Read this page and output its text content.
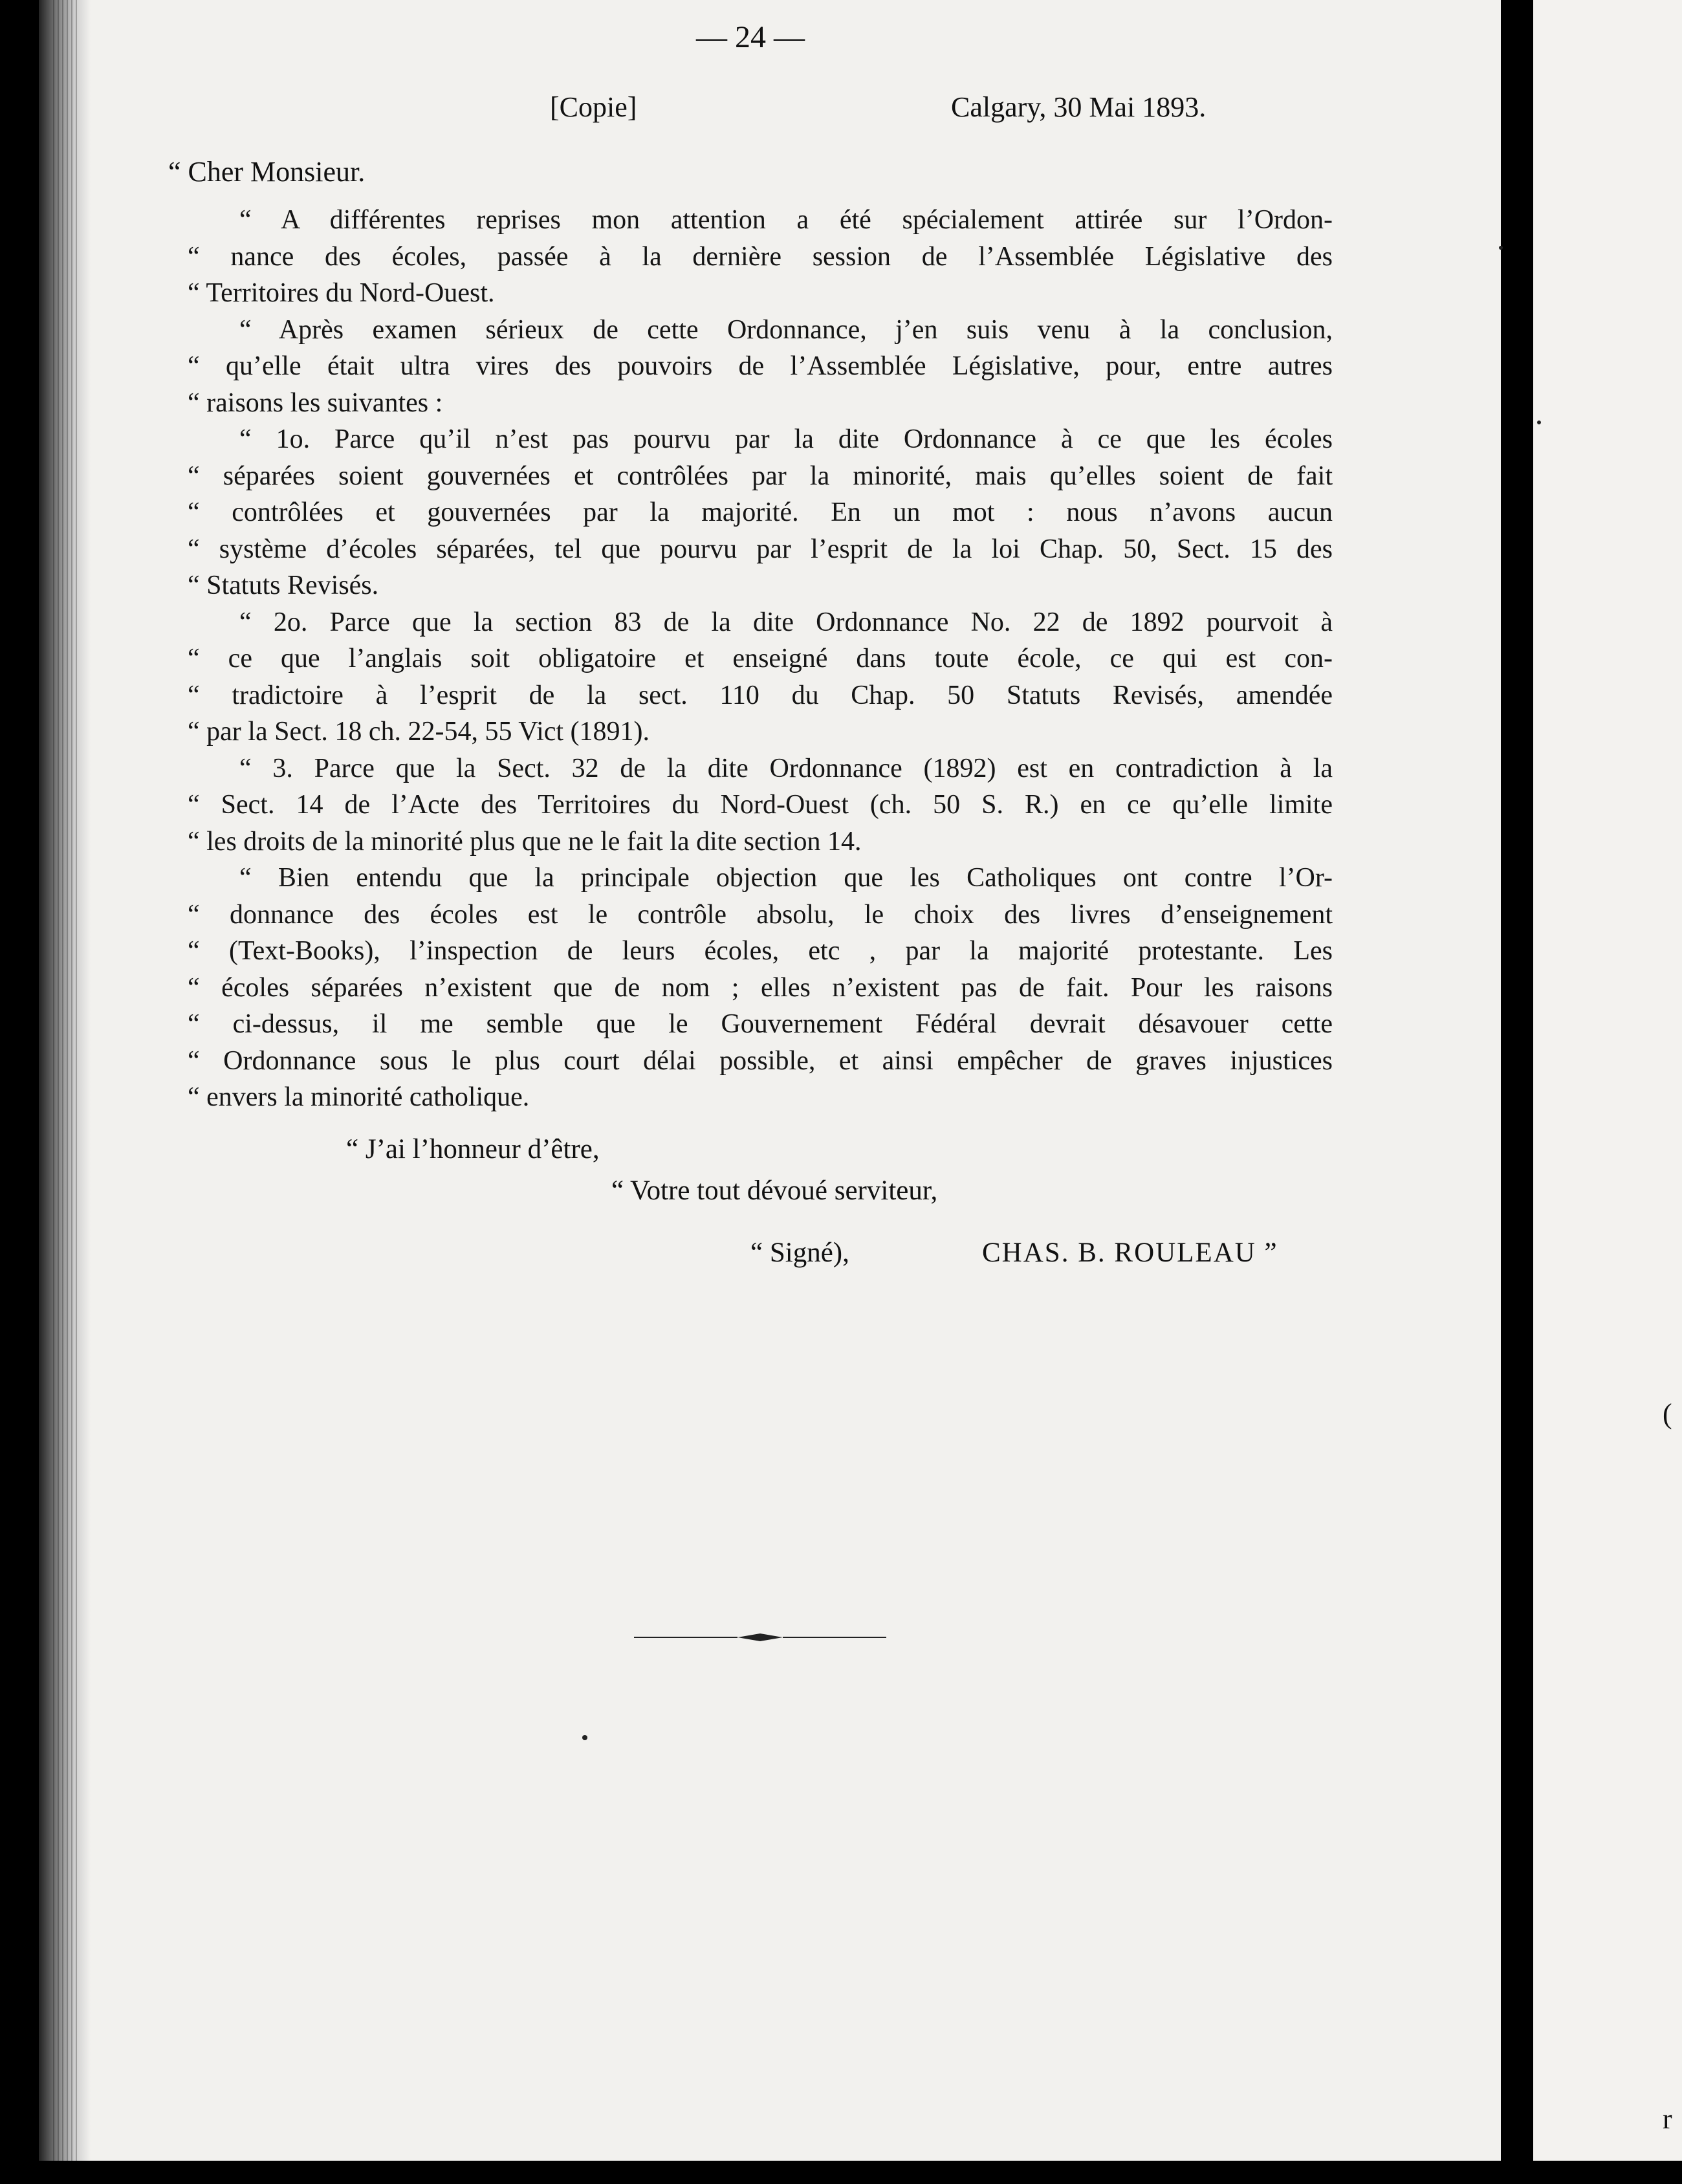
(
r
— 24 —
[Copie]	Calgary, 30 Mai 1893.
“ Cher Monsieur.
“ A différentes reprises mon attention a été spécialement attirée sur l’Ordon-
“ nance des écoles, passée à la dernière session de l’Assemblée Législative des
“ Territoires du Nord-Ouest.
“ Après examen sérieux de cette Ordonnance, j’en suis venu à la conclusion,
“ qu’elle était ultra vires des pouvoirs de l’Assemblée Législative, pour, entre autres
“ raisons les suivantes :
“ 1o. Parce qu’il n’est pas pourvu par la dite Ordonnance à ce que les écoles
“ séparées soient gouvernées et contrôlées par la minorité, mais qu’elles soient de fait
“ contrôlées et gouvernées par la majorité. En un mot : nous n’avons aucun
“ système d’écoles séparées, tel que pourvu par l’esprit de la loi Chap. 50, Sect. 15 des
“ Statuts Revisés.
“ 2o. Parce que la section 83 de la dite Ordonnance No. 22 de 1892 pourvoit à
“ ce que l’anglais soit obligatoire et enseigné dans toute école, ce qui est con-
“ tradictoire à l’esprit de la sect. 110 du Chap. 50 Statuts Revisés, amendée
“ par la Sect. 18 ch. 22-54, 55 Vict (1891).
“ 3. Parce que la Sect. 32 de la dite Ordonnance (1892) est en contradiction à la
“ Sect. 14 de l’Acte des Territoires du Nord-Ouest (ch. 50 S. R.) en ce qu’elle limite
“ les droits de la minorité plus que ne le fait la dite section 14.
“ Bien entendu que la principale objection que les Catholiques ont contre l’Or-
“ donnance des écoles est le contrôle absolu, le choix des livres d’enseignement
“ (Text-Books), l’inspection de leurs écoles, etc , par la majorité protestante. Les
“ écoles séparées n’existent que de nom ; elles n’existent pas de fait. Pour les raisons
“ ci-dessus, il me semble que le Gouvernement Fédéral devrait désavouer cette
“ Ordonnance sous le plus court délai possible, et ainsi empêcher de graves injustices
“ envers la minorité catholique.
“ J’ai l’honneur d’être,
“ Votre tout dévoué serviteur,
“ Signé),	CHAS. B. ROULEAU ”
